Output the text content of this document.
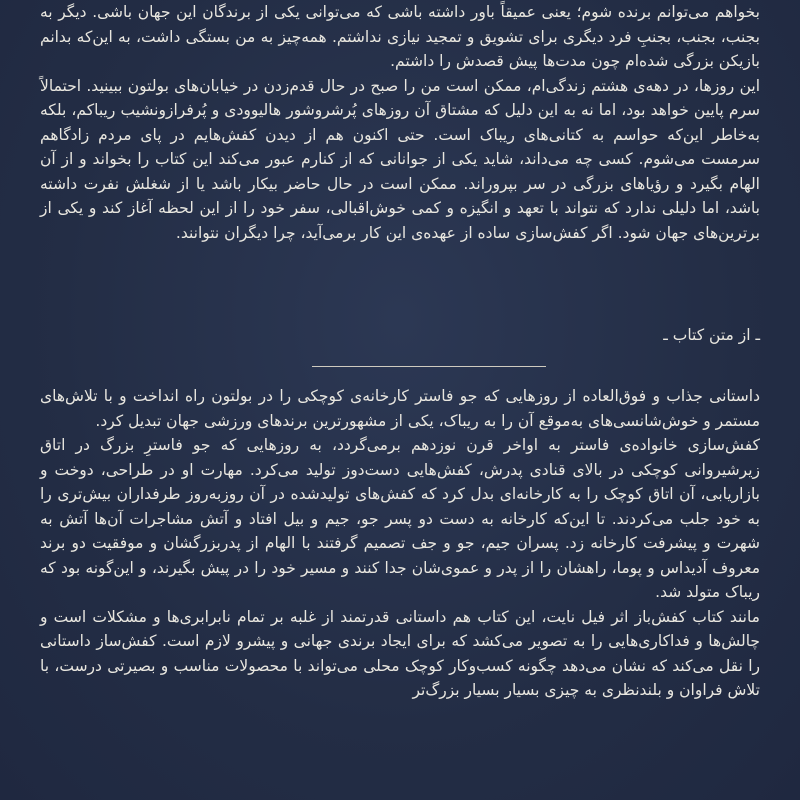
بخواهم می‌توانم برنده شوم؛ یعنی عمیقاً باور داشته باشی که می‌توانی یکی از برندگان این جهان باشی. دیگر به بجنب، بجنب، بجنبِ فرد دیگری برای تشویق و تمجید نیازی نداشتم. همه‌چیز به من بستگی داشت، به این‌که بدانم بازیکن بزرگی شده‌ام چون مدت‌ها پیش قصدش را داشتم.

این روزها، در دهه‌ی هشتم زندگی‌ام، ممکن است من را صبح در حال قدم‌زدن در خیابان‌های بولتون ببینید. احتمالاً سرم پایین خواهد بود، اما نه به این دلیل که مشتاق آن روزهای پُرشروشور هالیوودی و پُرفرازونشیب ریباکم، بلکه به‌خاطر این‌که حواسم به کتانی‌های ریباک است. حتی اکنون هم از دیدن کفش‌هایم در پای مردم زادگاهم سرمست می‌شوم. کسی چه می‌داند، شاید یکی از جوانانی که از کنارم عبور می‌کند این کتاب را بخواند و از آن الهام بگیرد و رؤیاهای بزرگی در سر بپروراند. ممکن است در حال حاضر بیکار باشد یا از شغلش نفرت داشته باشد، اما دلیلی ندارد که نتواند با تعهد و انگیزه و کمی خوش‌اقبالی، سفر خود را از این لحظه آغاز کند و یکی از برترین‌های جهان شود. اگر کفش‌سازی ساده از عهده‌ی این کار برمی‌آید، چرا دیگران نتوانند.

ـ از متن کتاب ـ

داستانی جذاب و فوق‌العاده از روزهایی که جو فاستر کارخانه‌ی کوچکی را در بولتون راه انداخت و با تلاش‌های مستمر و خوش‌شانسی‌های به‌موقع آن را به ریباک، یکی از مشهورترین برندهای ورزشی جهان تبدیل کرد.

کفش‌سازی خانواده‌ی فاستر به اواخر قرن نوزدهم برمی‌گردد، به روزهایی که جو فاسترِ بزرگ در اتاق زیرشیروانی کوچکی در بالای قنادی پدرش، کفش‌هایی دست‌دوز تولید می‌کرد. مهارت او در طراحی، دوخت و بازاریابی، آن اتاق کوچک را به کارخانه‌ای بدل کرد که کفش‌های تولیدشده در آن روزبه‌روز طرفداران بیش‌تری را به خود جلب می‌کردند. تا این‌که کارخانه به دست دو پسر جو، جیم و بیل افتاد و آتش مشاجرات آن‌ها آتش به شهرت و پیشرفت کارخانه زد. پسران جیم، جو و جف تصمیم گرفتند با الهام از پدربزرگشان و موفقیت دو برند معروف آدیداس و پوما، راهشان را از پدر و عموی‌شان جدا کنند و مسیر خود را در پیش بگیرند، و این‌گونه بود که ریباک متولد شد.

مانند کتاب کفش‌باز اثر فیل نایت، این کتاب هم داستانی قدرتمند از غلبه بر تمام نابرابری‌ها و مشکلات است و چالش‌ها و فداکاری‌هایی را به تصویر می‌کشد که برای ایجاد برندی جهانی و پیشرو لازم است. کفش‌ساز داستانی را نقل می‌کند که نشان می‌دهد چگونه کسب‌وکار کوچک محلی می‌تواند با محصولات مناسب و بصیرتی درست، با تلاش فراوان و بلندنظری به چیزی بسیار بسیار بزرگ‌تر
